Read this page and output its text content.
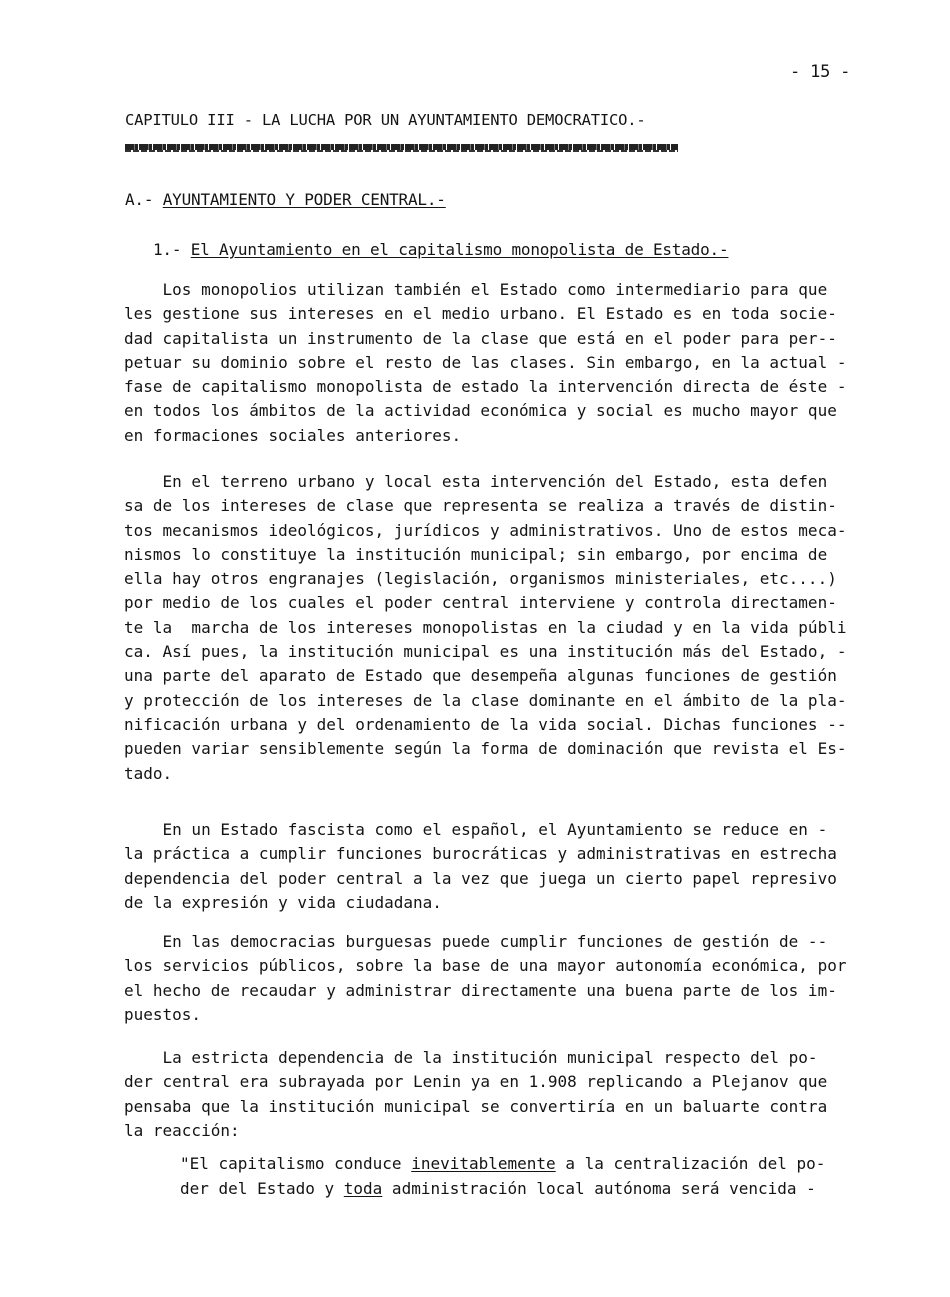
- 15 -
CAPITULO III - LA LUCHA POR UN AYUNTAMIENTO DEMOCRATICO.-
A.- AYUNTAMIENTO Y PODER CENTRAL.-
1.- El Ayuntamiento en el capitalismo monopolista de Estado.-
Los monopolios utilizan también el Estado como intermediario para que
les gestione sus intereses en el medio urbano. El Estado es en toda socie-
dad capitalista un instrumento de la clase que está en el poder para per--
petuar su dominio sobre el resto de las clases. Sin embargo, en la actual -
fase de capitalismo monopolista de estado la intervención directa de éste -
en todos los ámbitos de la actividad económica y social es mucho mayor que
en formaciones sociales anteriores.
En el terreno urbano y local esta intervención del Estado, esta defen
sa de los intereses de clase que representa se realiza a través de distin-
tos mecanismos ideológicos, jurídicos y administrativos. Uno de estos meca-
nismos lo constituye la institución municipal; sin embargo, por encima de
ella hay otros engranajes (legislación, organismos ministeriales, etc....)
por medio de los cuales el poder central interviene y controla directamen-
te la  marcha de los intereses monopolistas en la ciudad y en la vida públi
ca. Así pues, la institución municipal es una institución más del Estado, -
una parte del aparato de Estado que desempeña algunas funciones de gestión
y protección de los intereses de la clase dominante en el ámbito de la pla-
nificación urbana y del ordenamiento de la vida social. Dichas funciones --
pueden variar sensiblemente según la forma de dominación que revista el Es-
tado.
En un Estado fascista como el español, el Ayuntamiento se reduce en -
la práctica a cumplir funciones burocráticas y administrativas en estrecha
dependencia del poder central a la vez que juega un cierto papel represivo
de la expresión y vida ciudadana.
En las democracias burguesas puede cumplir funciones de gestión de --
los servicios públicos, sobre la base de una mayor autonomía económica, por
el hecho de recaudar y administrar directamente una buena parte de los im-
puestos.
La estricta dependencia de la institución municipal respecto del po-
der central era subrayada por Lenin ya en 1.908 replicando a Plejanov que
pensaba que la institución municipal se convertiría en un baluarte contra
la reacción:
"El capitalismo conduce inevitablemente a la centralización del po-
der del Estado y toda administración local autónoma será vencida -
